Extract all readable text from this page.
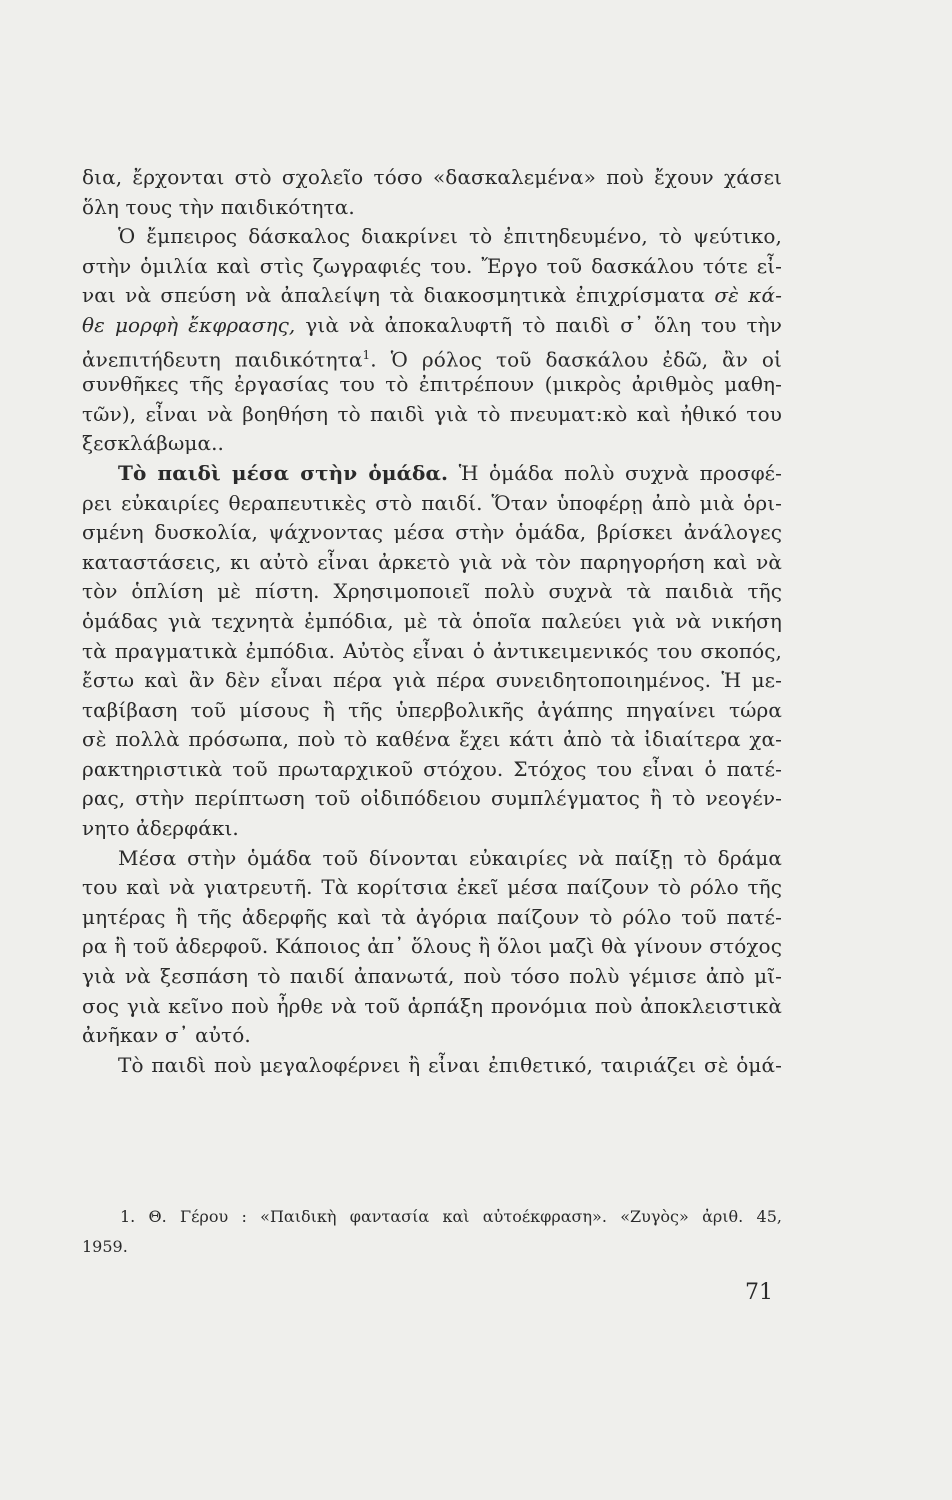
δια, ἔρχονται στὸ σχολεῖο τόσο «δασκαλεμένα» ποὺ ἔχουν χάσει
ὅλη τους τὴν παιδικότητα.
Ὁ ἔμπειρος δάσκαλος διακρίνει τὸ ἐπιτηδευμένο, τὸ ψεύτικο,
στὴν ὁμιλία καὶ στὶς ζωγραφιές του. Ἔργο τοῦ δασκάλου τότε εἶ-
ναι νὰ σπεύση νὰ ἀπαλείψη τὰ διακοσμητικὰ ἐπιχρίσματα σὲ κά-
θε μορφὴ ἔκφρασης, γιὰ νὰ ἀποκαλυφτῆ τὸ παιδὶ σ᾽ ὅλη του τὴν
ἀνεπιτήδευτη παιδικότητα$^1$. Ὁ ρόλος τοῦ δασκάλου ἐδῶ, ἂν οἱ
συνθῆκες τῆς ἐργασίας του τὸ ἐπιτρέπουν (μικρὸς ἀριθμὸς μαθη-
τῶν), εἶναι νὰ βοηθήση τὸ παιδὶ γιὰ τὸ πνευματ:κὸ καὶ ἠθικό του
ξεσκλάβωμα..
Τὸ παιδὶ μέσα στὴν ὁμάδα. Ἡ ὁμάδα πολὺ συχνὰ προσφέ-
ρει εὐκαιρίες θεραπευτικὲς στὸ παιδί. Ὅταν ὑποφέρῃ ἀπὸ μιὰ ὁρι-
σμένη δυσκολία, ψάχνοντας μέσα στὴν ὁμάδα, βρίσκει ἀνάλογες
καταστάσεις, κι αὐτὸ εἶναι ἀρκετὸ γιὰ νὰ τὸν παρηγορήση καὶ νὰ
τὸν ὁπλίση μὲ πίστη. Χρησιμοποιεῖ πολὺ συχνὰ τὰ παιδιὰ τῆς
ὁμάδας γιὰ τεχνητὰ ἐμπόδια, μὲ τὰ ὁποῖα παλεύει γιὰ νὰ νικήση
τὰ πραγματικὰ ἐμπόδια. Αὐτὸς εἶναι ὁ ἀντικειμενικός του σκοπός,
ἔστω καὶ ἂν δὲν εἶναι πέρα γιὰ πέρα συνειδητοποιημένος. Ἡ με-
ταβίβαση τοῦ μίσους ἢ τῆς ὑπερβολικῆς ἀγάπης πηγαίνει τώρα
σὲ πολλὰ πρόσωπα, ποὺ τὸ καθένα ἔχει κάτι ἀπὸ τὰ ἰδιαίτερα χα-
ρακτηριστικὰ τοῦ πρωταρχικοῦ στόχου. Στόχος του εἶναι ὁ πατέ-
ρας, στὴν περίπτωση τοῦ οἰδιπόδειου συμπλέγματος ἢ τὸ νεογέν-
νητο ἀδερφάκι.
Μέσα στὴν ὁμάδα τοῦ δίνονται εὐκαιρίες νὰ παίξῃ τὸ δράμα
του καὶ νὰ γιατρευτῆ. Τὰ κορίτσια ἐκεῖ μέσα παίζουν τὸ ρόλο τῆς
μητέρας ἢ τῆς ἀδερφῆς καὶ τὰ ἀγόρια παίζουν τὸ ρόλο τοῦ πατέ-
ρα ἢ τοῦ ἀδερφοῦ. Κάποιος ἀπ᾽ ὅλους ἢ ὅλοι μαζὶ θὰ γίνουν στόχος
γιὰ νὰ ξεσπάση τὸ παιδί ἀπανωτά, ποὺ τόσο πολὺ γέμισε ἀπὸ μῖ-
σος γιὰ κεῖνο ποὺ ἦρθε νὰ τοῦ ἁρπάξη προνόμια ποὺ ἀποκλειστικὰ
ἀνῆκαν σ᾽ αὐτό.
Τὸ παιδὶ ποὺ μεγαλοφέρνει ἢ εἶναι ἐπιθετικό, ταιριάζει σὲ ὁμά-
1. Θ. Γέρου : «Παιδικὴ φαντασία καὶ αὐτοέκφραση». «Ζυγὸς» ἀριθ. 45,
1959.
71
